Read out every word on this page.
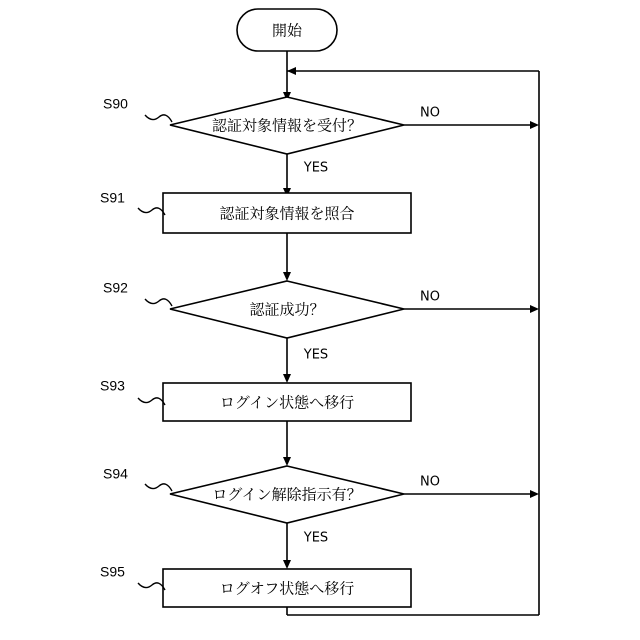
開始
認証対象情報を受付？
YES
NO
S90
認証対象情報を照合
S91
認証成功？
YES
NO
S92
ログイン状態へ移行
S93
ログイン解除指示有？
YES
NO
S94
ログオフ状態へ移行
S95
